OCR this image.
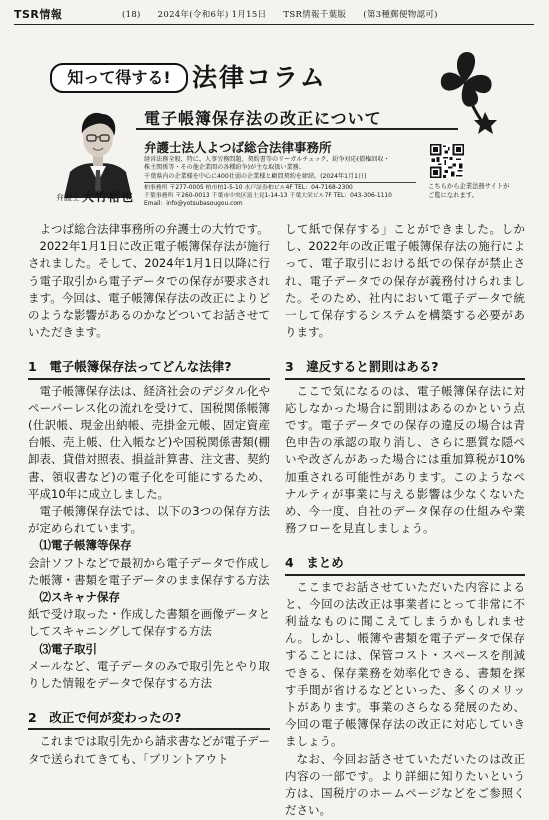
TSR情報	(18) 2024年(令和6年) 1月15日 TSR情報千葉版 (第3種郵便物認可)
知って得する! 法律コラム
電子帳簿保存法の改正について
弁護士 大竹裕也
弁護士法人よつば総合法律事務所
経営法務全般、特に、人事労務問題、契約書等のリーガルチェック、紛争対応(債権回収・
株主関係等・その他企業間の各種紛争)が主な取扱い業務。
千葉県内の企業様を中心に400社弱の企業様と顧問契約を締結。(2024年1月1日)
柏事務所 〒277-0005 柏市柏1-5-10 水戸証券柏ビル4F TEL：04-7168-2300
千葉事務所 〒260-0013 千葉市中央区富士見1-14-13 千葉大栄ビル7F TEL：043-306-1110
Email：info@yotsubasougou.com
こちらから企業法務サイトが
ご覧になれます。

よつば総合法律事務所の弁護士の大竹です。

2022年1月1日に改正電子帳簿保存法が施行されました。そして、2024年1月1日以降に行う電子取引から電子データでの保存が要求されます。今回は、電子帳簿保存法の改正によりどのような影響があるのかなどついてお話させていただきます。

1　電子帳簿保存法ってどんな法律?

電子帳簿保存法は、経済社会のデジタル化やペーパーレス化の流れを受けて、国税関係帳簿(仕訳帳、現金出納帳、売掛金元帳、固定資産台帳、売上帳、仕入帳など)や国税関係書類(棚卸表、貸借対照表、損益計算書、注文書、契約書、領収書など)の電子化を可能にするため、平成10年に成立しました。

電子帳簿保存法では、以下の3つの保存方法が定められています。

⑴電子帳簿等保存

会計ソフトなどで最初から電子データで作成した帳簿・書類を電子データのまま保存する方法

⑵スキャナ保存

紙で受け取った・作成した書類を画像データとしてスキャニングして保存する方法

⑶電子取引

メールなど、電子データのみで取引先とやり取りした情報をデータで保存する方法

2　改正で何が変わったの?

これまでは取引先から請求書などが電子データで送られてきても、「プリントアウト

して紙で保存する」ことができました。しかし、2022年の改正電子帳簿保存法の施行によって、電子取引における紙での保存が禁止され、電子データでの保存が義務付けられました。そのため、社内において電子データで統一して保存するシステムを構築する必要があります。

3　違反すると罰則はある?

ここで気になるのは、電子帳簿保存法に対応しなかった場合に罰則はあるのかという点です。電子データでの保存の違反の場合は青色申告の承認の取り消し、さらに悪質な隠ぺいや改ざんがあった場合には重加算税が10%加重される可能性があります。このようなペナルティが事業に与える影響は少なくないため、今一度、自社のデータ保存の仕組みや業務フローを見直しましょう。

4　まとめ

ここまでお話させていただいた内容によると、今回の法改正は事業者にとって非常に不利益なものに聞こえてしまうかもしれません。しかし、帳簿や書類を電子データで保存することには、保管コスト・スペースを削減できる、保存業務を効率化できる、書類を探す手間が省けるなどといった、多くのメリットがあります。事業のさらなる発展のため、今回の電子帳簿保存法の改正に対応していきましょう。

なお、今回お話させていただいたのは改正内容の一部です。より詳細に知りたいという方は、国税庁のホームページなどをご参照ください。
